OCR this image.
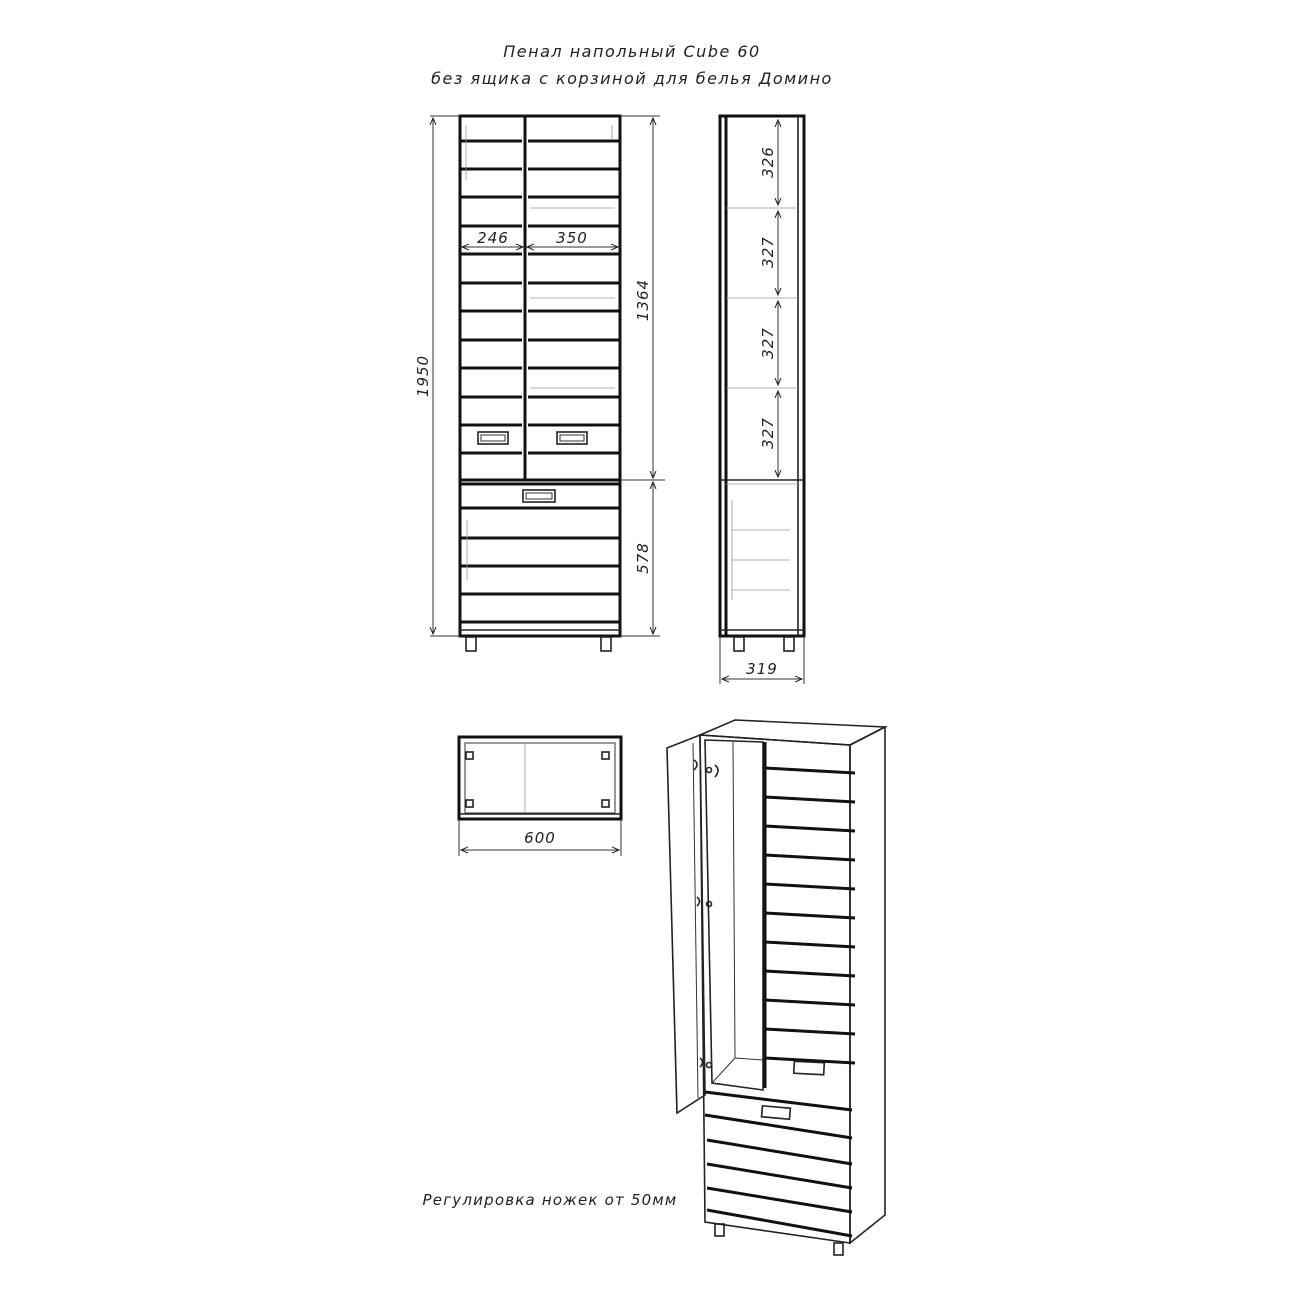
Пенал напольный Cube 60
без ящика с корзиной для белья Домино
1950
1364
578
246	350
326
327
327
327
319
600
Регулировка ножек от 50мм
